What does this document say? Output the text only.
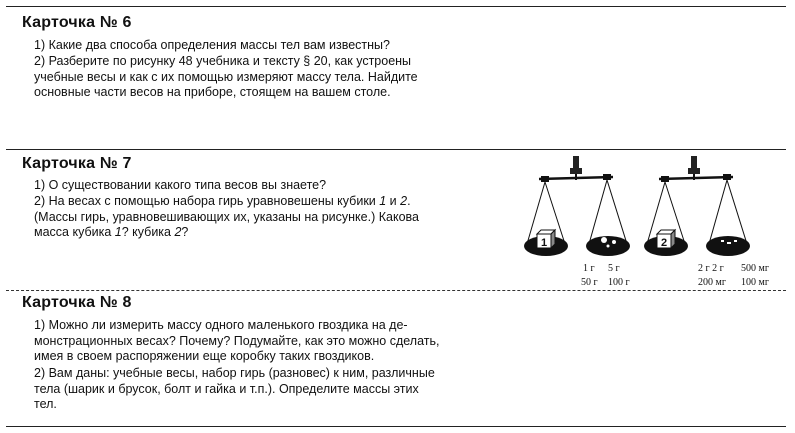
Карточка № 6

1) Какие два способа определения массы тел вам известны?

2) Разберите по рисунку 48 учебника и тексту § 20, как устроены
учебные весы и как с их помощью измеряют массу тела. Найдите
основные части весов на приборе, стоящем на вашем столе.

Карточка № 7

1) О существовании какого типа весов вы знаете?

2) На весах с помощью набора гирь уравновешены кубики 1 и 2.
(Массы гирь, уравновешивающих их, указаны на рисунке.) Какова
масса кубика 1? кубика 2?

1	2
1 г 5 г
50 г 100 г
2 г 2 г 500 мг
200 мг 100 мг
Карточка № 8

1) Можно ли измерить массу одного маленького гвоздика на де-
монстрационных весах? Почему? Подумайте, как это можно сделать,
имея в своем распоряжении еще коробку таких гвоздиков.

2) Вам даны: учебные весы, набор гирь (разновес) к ним, различные
тела (шарик и брусок, болт и гайка и т.п.). Определите массы этих
тел.
